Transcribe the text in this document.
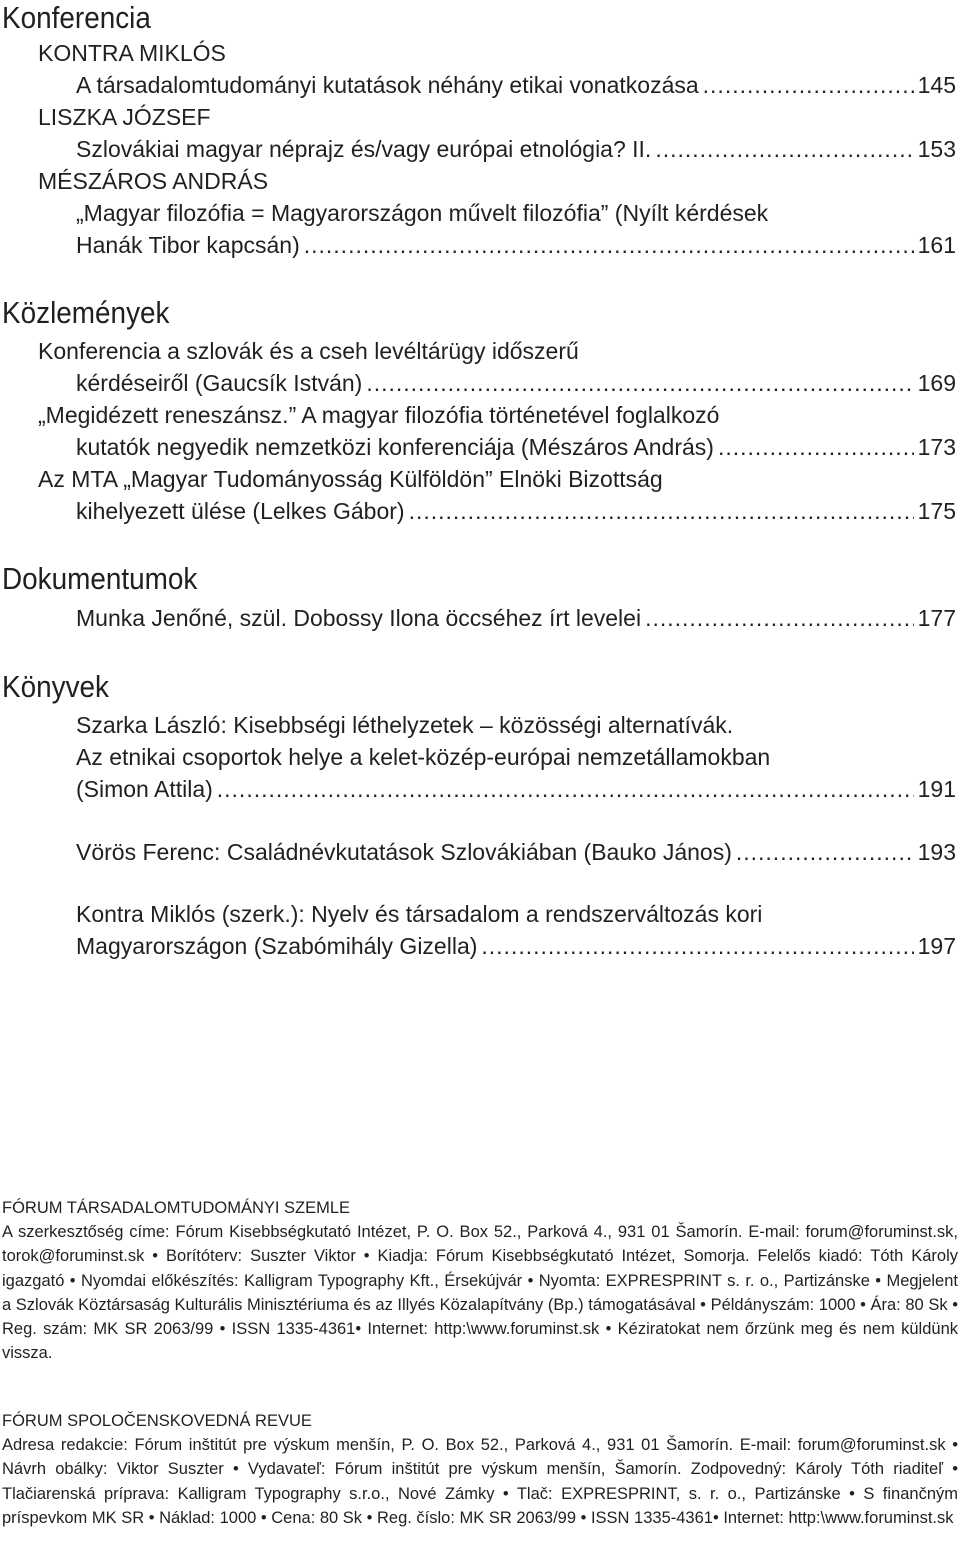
Konferencia
KONTRA MIKLÓS
A társadalomtudományi kutatások néhány etikai vonatkozása .....	145
LISZKA JÓZSEF
Szlovákiai magyar néprajz és/vagy európai etnológia? II. .....	153
MÉSZÁROS ANDRÁS
„Magyar filozófia = Magyarországon művelt filozófia” (Nyílt kérdések
Hanák Tibor kapcsán) .....	161
Közlemények
Konferencia a szlovák és a cseh levéltárügy időszerű
kérdéseiről (Gaucsík István) .....	169
„Megidézett reneszánsz.” A magyar filozófia történetével foglalkozó
kutatók negyedik nemzetközi konferenciája (Mészáros András) .....	173
Az MTA „Magyar Tudományosság Külföldön” Elnöki Bizottság
kihelyezett ülése (Lelkes Gábor) .....	175
Dokumentumok
Munka Jenőné, szül. Dobossy Ilona öccséhez írt levelei .....	177
Könyvek
Szarka László: Kisebbségi léthelyzetek – közösségi alternatívák.
Az etnikai csoportok helye a kelet-közép-európai nemzetállamokban
(Simon Attila) .....	191
Vörös Ferenc: Családnévkutatások Szlovákiában (Bauko János) .....	193
Kontra Miklós (szerk.): Nyelv és társadalom a rendszerváltozás kori
Magyarországon (Szabómihály Gizella) .....	197

FÓRUM TÁRSADALOMTUDOMÁNYI SZEMLE

A szerkesztőség címe: Fórum Kisebbségkutató Intézet, P. O. Box 52., Parková 4., 931 01 Šamorín. E-mail: forum@foruminst.sk, torok@foruminst.sk • Borítóterv: Suszter Viktor • Kiadja: Fórum Kisebbségkutató Intézet, Somorja. Felelős kiadó: Tóth Károly igazgató • Nyomdai előkészítés: Kalligram Typography Kft., Érsekújvár • Nyomta: EXPRESPRINT s. r. o., Partizánske • Megjelent a Szlovák Köztársaság Kulturális Minisztériuma és az Illyés Közalapítvány (Bp.) támogatásával • Példányszám: 1000 • Ára: 80 Sk • Reg. szám: MK SR 2063/99 • ISSN 1335-4361• Internet: http:\www.foruminst.sk • Kéziratokat nem őrzünk meg és nem küldünk vissza.

FÓRUM SPOLOČENSKOVEDNÁ REVUE

Adresa redakcie: Fórum inštitút pre výskum menšín, P. O. Box 52., Parková 4., 931 01 Šamorín. E-mail: forum@foruminst.sk • Návrh obálky: Viktor Suszter • Vydavateľ: Fórum inštitút pre výskum menšín, Šamorín. Zodpovedný: Károly Tóth riaditeľ • Tlačiarenská príprava: Kalligram Typography s.r.o., Nové Zámky • Tlač: EXPRESPRINT, s. r. o., Partizánske • S finančným príspevkom MK SR • Náklad: 1000 • Cena: 80 Sk • Reg. číslo: MK SR 2063/99 • ISSN 1335-4361• Internet: http:\www.foruminst.sk
